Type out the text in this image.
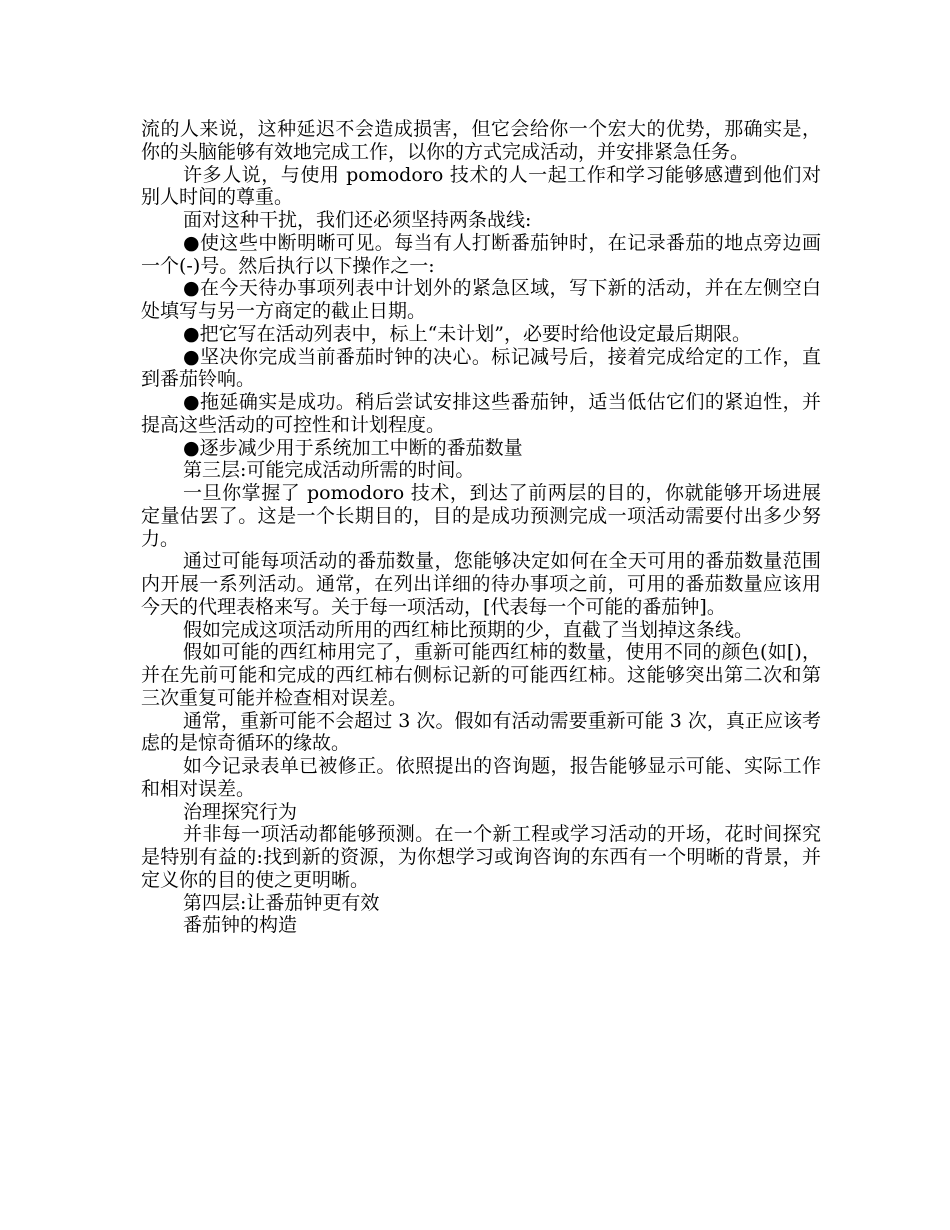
流的人来说，这种延迟不会造成损害，但它会给你一个宏大的优势，那确实是，你的头脑能够有效地完成工作，以你的方式完成活动，并安排紧急任务。

许多人说，与使用 pomodoro 技术的人一起工作和学习能够感遭到他们对别人时间的尊重。

面对这种干扰，我们还必须坚持两条战线:

●使这些中断明晰可见。每当有人打断番茄钟时，在记录番茄的地点旁边画一个(-)号。然后执行以下操作之一:

●在今天待办事项列表中计划外的紧急区域，写下新的活动，并在左侧空白处填写与另一方商定的截止日期。

●把它写在活动列表中，标上“未计划”，必要时给他设定最后期限。

●坚决你完成当前番茄时钟的决心。标记减号后，接着完成给定的工作，直到番茄铃响。

●拖延确实是成功。稍后尝试安排这些番茄钟，适当低估它们的紧迫性，并提高这些活动的可控性和计划程度。

●逐步减少用于系统加工中断的番茄数量

第三层:可能完成活动所需的时间。

一旦你掌握了 pomodoro 技术，到达了前两层的目的，你就能够开场进展定量估罢了。这是一个长期目的，目的是成功预测完成一项活动需要付出多少努力。

通过可能每项活动的番茄数量，您能够决定如何在全天可用的番茄数量范围内开展一系列活动。通常，在列出详细的待办事项之前，可用的番茄数量应该用今天的代理表格来写。关于每一项活动，[代表每一个可能的番茄钟]。

假如完成这项活动所用的西红柿比预期的少，直截了当划掉这条线。

假如可能的西红柿用完了，重新可能西红柿的数量，使用不同的颜色(如[)，并在先前可能和完成的西红柿右侧标记新的可能西红柿。这能够突出第二次和第三次重复可能并检查相对误差。

通常，重新可能不会超过 3 次。假如有活动需要重新可能 3 次，真正应该考虑的是惊奇循环的缘故。

如今记录表单已被修正。依照提出的咨询题，报告能够显示可能、实际工作和相对误差。

治理探究行为

并非每一项活动都能够预测。在一个新工程或学习活动的开场，花时间探究是特别有益的:找到新的资源，为你想学习或询咨询的东西有一个明晰的背景，并定义你的目的使之更明晰。

第四层:让番茄钟更有效

番茄钟的构造
